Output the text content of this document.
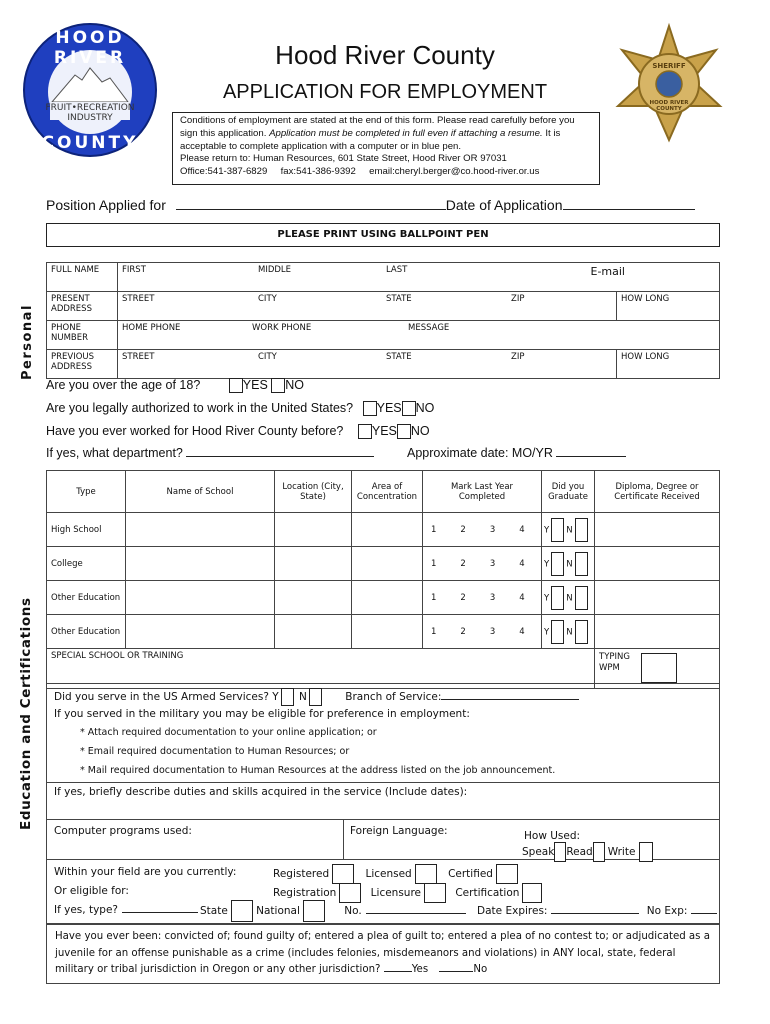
HOOD RIVER
FRUIT•RECREATION
INDUSTRY
COUNTY
SHERIFF
HOOD RIVER COUNTY
Hood River County
APPLICATION FOR EMPLOYMENT
Conditions of employment are stated at the end of this form. Please read carefully before you sign this application. Application must be completed in full even if attaching a resume. It is acceptable to complete application with a computer or in blue pen.
Please return to: Human Resources, 601 State Street, Hood River OR 97031
Office:541-387-6829     fax:541-386-9392     email:cheryl.berger@co.hood-river.or.us
Position Applied for	Date of Application
PLEASE PRINT USING BALLPOINT PEN
Personal
FULL NAME	FIRST MIDDLE LAST	E-mail
PRESENT ADDRESS	STREET CITY STATE ZIP	HOW LONG
PHONE NUMBER	HOME PHONE WORK PHONE MESSAGE	

PREVIOUS ADDRESS	STREET CITY STATE ZIP	HOW LONG
Are you over the age of 18?	YES NO
Are you legally authorized to work in the United States? YES NO
Have you ever worked for Hood River County before? YES NO
If yes, what department?	Approximate date: MO/YR
Education and Certifications
Type	Name of School	Location (City, State)	Area of Concentration	Mark Last Year Completed	Did you Graduate	Diploma, Degree or Certificate Received
High School				1 2 3 4	Y N	
College				1 2 3 4	Y N	
Other Education				1 2 3 4	Y N	
Other Education				1 2 3 4	Y N	
SPECIAL SCHOOL OR TRAINING						TYPING WPM
Did you serve in the US Armed Services? Y N	Branch of Service:
If you served in the military you may be eligible for preference in employment:
* Attach required documentation to your online application; or
* Email required documentation to Human Resources; or
* Mail required documentation to Human Resources at the address listed on the job announcement.
If yes, briefly describe duties and skills acquired in the service (Include dates):
Computer programs used:	Foreign Language:	How Used:
Speak Read Write
Within your field are you currently:
Or eligible for:
If yes, type?
Registered	Licensed	Certified
Registration	Licensure	Certification
State	National	No.	Date Expires:	No Exp:
Have you ever been: convicted of; found guilty of; entered a plea of guilt to; entered a plea of no contest to; or adjudicated as a juvenile for an offense punishable as a crime (includes felonies, misdemeanors and violations) in ANY local, state, federal military or tribal jurisdiction in Oregon or any other jurisdiction?	Yes	No
